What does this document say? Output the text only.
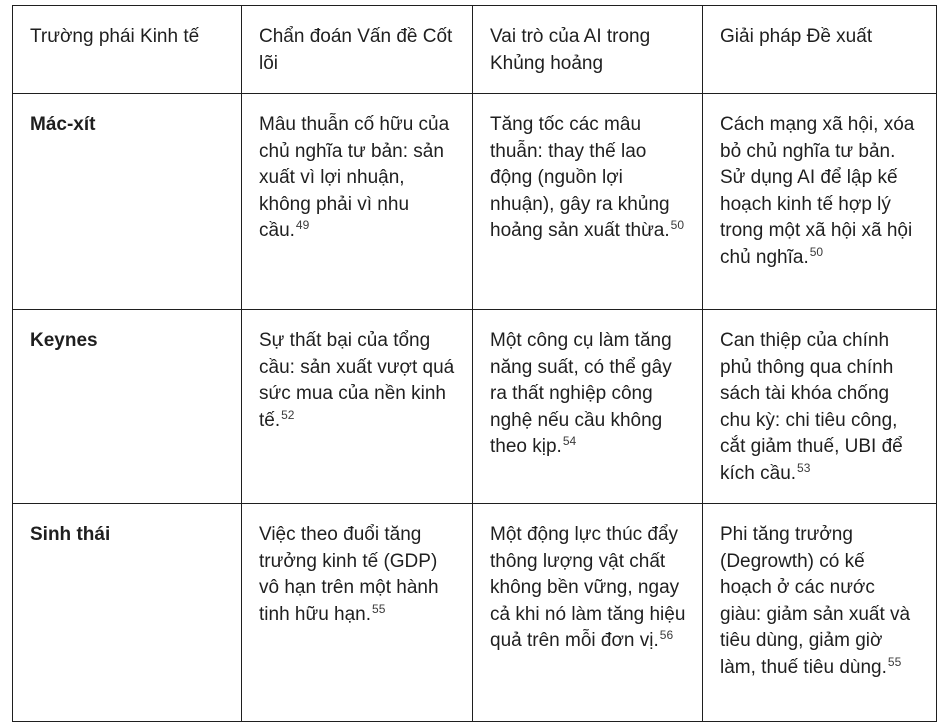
Trường phái Kinh tế	Chẩn đoán Vấn đề Cốt lõi	Vai trò của AI trong Khủng hoảng	Giải pháp Đề xuất
Mác-xít	Mâu thuẫn cố hữu của chủ nghĩa tư bản: sản xuất vì lợi nhuận, không phải vì nhu cầu.$^{49}$	Tăng tốc các mâu thuẫn: thay thế lao động (nguồn lợi nhuận), gây ra khủng hoảng sản xuất thừa.$^{50}$	Cách mạng xã hội, xóa bỏ chủ nghĩa tư bản. Sử dụng AI để lập kế hoạch kinh tế hợp lý trong một xã hội xã hội chủ nghĩa.$^{50}$
Keynes	Sự thất bại của tổng cầu: sản xuất vượt quá sức mua của nền kinh tế.$^{52}$	Một công cụ làm tăng năng suất, có thể gây ra thất nghiệp công nghệ nếu cầu không theo kịp.$^{54}$	Can thiệp của chính phủ thông qua chính sách tài khóa chống chu kỳ: chi tiêu công, cắt giảm thuế, UBI để kích cầu.$^{53}$
Sinh thái	Việc theo đuổi tăng trưởng kinh tế (GDP) vô hạn trên một hành tinh hữu hạn.$^{55}$	Một động lực thúc đẩy thông lượng vật chất không bền vững, ngay cả khi nó làm tăng hiệu quả trên mỗi đơn vị.$^{56}$	Phi tăng trưởng (Degrowth) có kế hoạch ở các nước giàu: giảm sản xuất và tiêu dùng, giảm giờ làm, thuế tiêu dùng.$^{55}$
